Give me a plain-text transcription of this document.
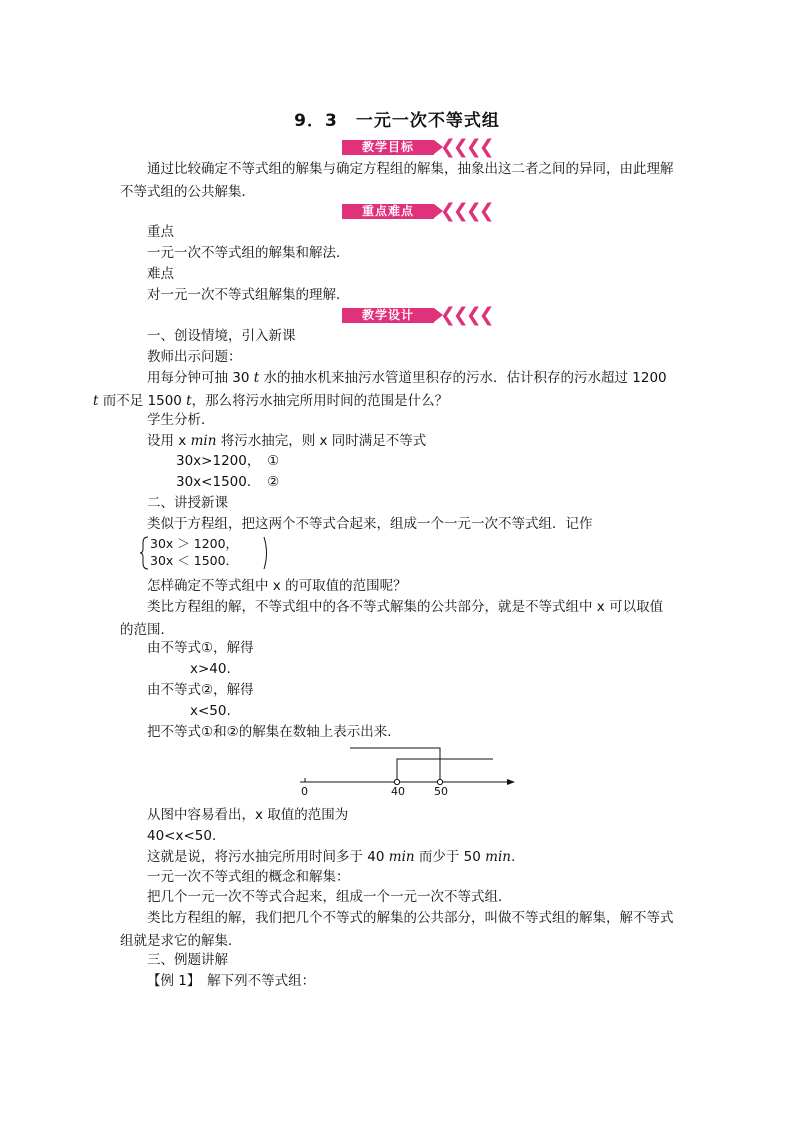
9．3　一元一次不等式组
教学目标	❮❮❮❮
通过比较确定不等式组的解集与确定方程组的解集，抽象出这二者之间的异同，由此理解不等式组的公共解集．
重点难点	❮❮❮❮
重点
一元一次不等式组的解集和解法．
难点
对一元一次不等式组解集的理解．
教学设计	❮❮❮❮
一、创设情境，引入新课
教师出示问题：
用每分钟可抽 30 t 水的抽水机来抽污水管道里积存的污水．估计积存的污水超过 1200
t 而不足 1500 t，那么将污水抽完所用时间的范围是什么？
学生分析．
设用 x min 将污水抽完，则 x 同时满足不等式
30x>1200，　①
30x<1500．　②
二、讲授新课
类似于方程组，把这两个不等式合起来，组成一个一元一次不等式组．记作
30x ＞ 1200，
30x ＜ 1500．
怎样确定不等式组中 x 的可取值的范围呢？
类比方程组的解，不等式组中的各不等式解集的公共部分，就是不等式组中 x 可以取值的范围．
由不等式①，解得
x>40.
由不等式②，解得
x<50.
把不等式①和②的解集在数轴上表示出来．
0	40	50
从图中容易看出，x 取值的范围为
40<x<50.
这就是说，将污水抽完所用时间多于 40 min 而少于 50 min.
一元一次不等式组的概念和解集：
把几个一元一次不等式合起来，组成一个一元一次不等式组．
类比方程组的解，我们把几个不等式的解集的公共部分，叫做不等式组的解集，解不等式组就是求它的解集．
三、例题讲解
【例 1】　解下列不等式组：
